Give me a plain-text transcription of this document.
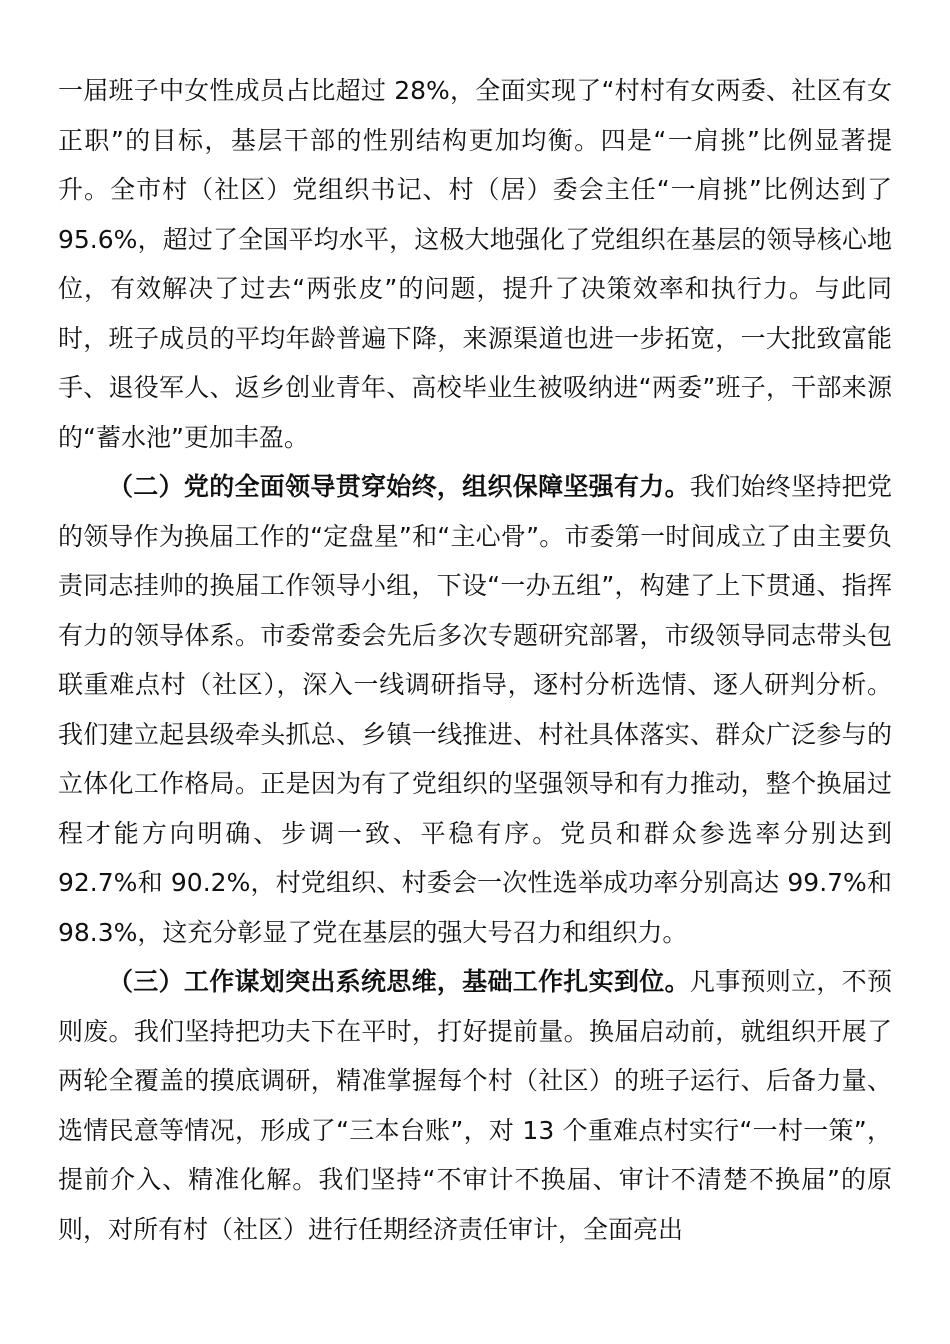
一届班子中女性成员占比超过 28%，全面实现了“村村有女两委、社区有女正职”的目标，基层干部的性别结构更加均衡。四是“一肩挑”比例显著提升。全市村（社区）党组织书记、村（居）委会主任“一肩挑”比例达到了 95.6%，超过了全国平均水平，这极大地强化了党组织在基层的领导核心地位，有效解决了过去“两张皮”的问题，提升了决策效率和执行力。与此同时，班子成员的平均年龄普遍下降，来源渠道也进一步拓宽，一大批致富能手、退役军人、返乡创业青年、高校毕业生被吸纳进“两委”班子，干部来源的“蓄水池”更加丰盈。

（二）党的全面领导贯穿始终，组织保障坚强有力。我们始终坚持把党的领导作为换届工作的“定盘星”和“主心骨”。市委第一时间成立了由主要负责同志挂帅的换届工作领导小组，下设“一办五组”，构建了上下贯通、指挥有力的领导体系。市委常委会先后多次专题研究部署，市级领导同志带头包联重难点村（社区），深入一线调研指导，逐村分析选情、逐人研判分析。我们建立起县级牵头抓总、乡镇一线推进、村社具体落实、群众广泛参与的立体化工作格局。正是因为有了党组织的坚强领导和有力推动，整个换届过程才能方向明确、步调一致、平稳有序。党员和群众参选率分别达到 92.7%和 90.2%，村党组织、村委会一次性选举成功率分别高达 99.7%和 98.3%，这充分彰显了党在基层的强大号召力和组织力。

（三）工作谋划突出系统思维，基础工作扎实到位。凡事预则立，不预则废。我们坚持把功夫下在平时，打好提前量。换届启动前，就组织开展了两轮全覆盖的摸底调研，精准掌握每个村（社区）的班子运行、后备力量、选情民意等情况，形成了“三本台账”，对 13 个重难点村实行“一村一策”，提前介入、精准化解。我们坚持“不审计不换届、审计不清楚不换届”的原则，对所有村（社区）进行任期经济责任审计，全面亮出
